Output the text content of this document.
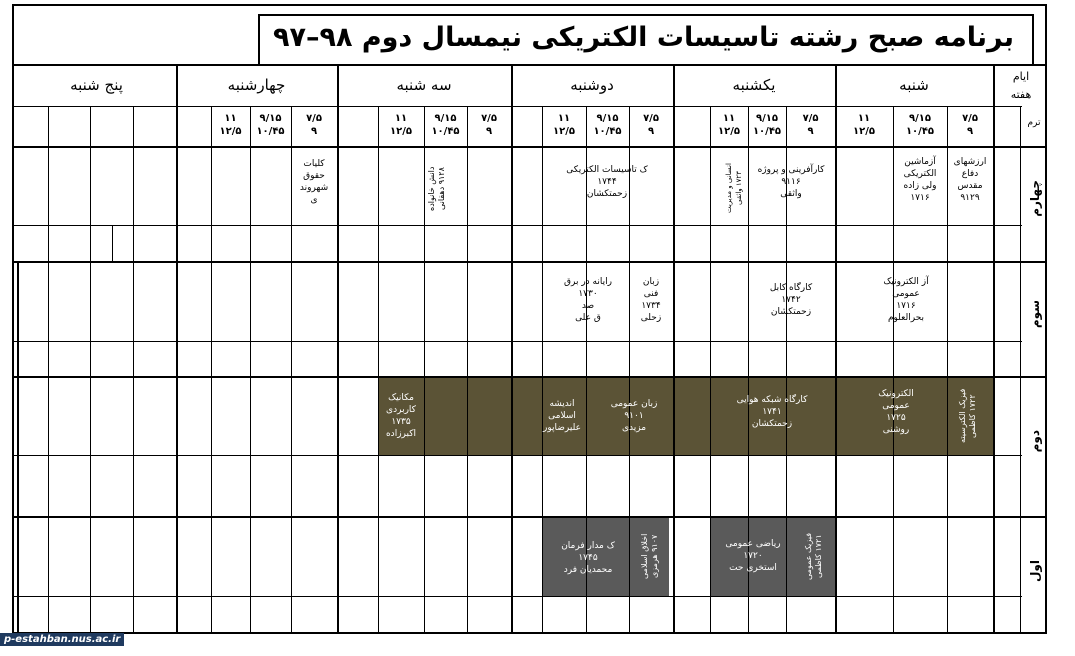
برنامه صبح رشته تاسیسات الکتریکی نیمسال دوم ۹۸–۹۷
ایام
هفته
ترم
شنبه
یکشنبه
دوشنبه
سه شنبه
چهارشنبه
پنج شنبه
۷/۵
۹
۹/۱۵
۱۰/۴۵
۱۱
۱۲/۵
۷/۵
۹
۹/۱۵
۱۰/۴۵
۱۱
۱۲/۵
۷/۵
۹
۹/۱۵
۱۰/۴۵
۱۱
۱۲/۵
۷/۵
۹
۹/۱۵
۱۰/۴۵
۱۱
۱۲/۵
۷/۵
۹
۹/۱۵
۱۰/۴۵
۱۱
۱۲/۵
چهارم
سوم
دوم
اول
ارزشهای
دفاع
مقدس
۹۱۲۹
آزماشین
الکتریکی
ولی زاده
۱۷۱۶
کارآفرینی و پروژه
۹۱۱۶
واثقی
انسانی و مدیریت ۱۷۲۳ واثقی
ک تاسیسات الکتریکی
۱۷۴۴
زحمتکشان
دانش خانواده ۹۱۲۸ دهقانی
کلیات
حقوق
شهروند
ی
آز الکترونیک
عمومی
۱۷۱۶
بحرالعلوم
کارگاه کابل
۱۷۴۲
زحمتکشان
زبان
فنی
۱۷۳۴
زحلی
رایانه در برق
۱۷۳۰
صد
ق علی
فیزیک الکترسیته ۱۷۲۲ کاظمی
الکترونیک
عمومی
۱۷۲۵
روشنی
کارگاه شبکه هوایی
۱۷۴۱
زحمتکشان
زبان عمومی
۹۱۰۱
مزیدی
اندیشه
اسلامی
علیرضاپور
مکانیک
کاربردی
۱۷۳۵
اکبرزاده
فیزیک عمومی ۱۷۲۱ کاظمی
ریاضی عمومی
۱۷۲۰
استخری حت
اخلاق اسلامی ۹۱۰۷ هرمزی
ک مدار فرمان
۱۷۴۵
محمدیان فرد
p-estahban.nus.ac.ir
